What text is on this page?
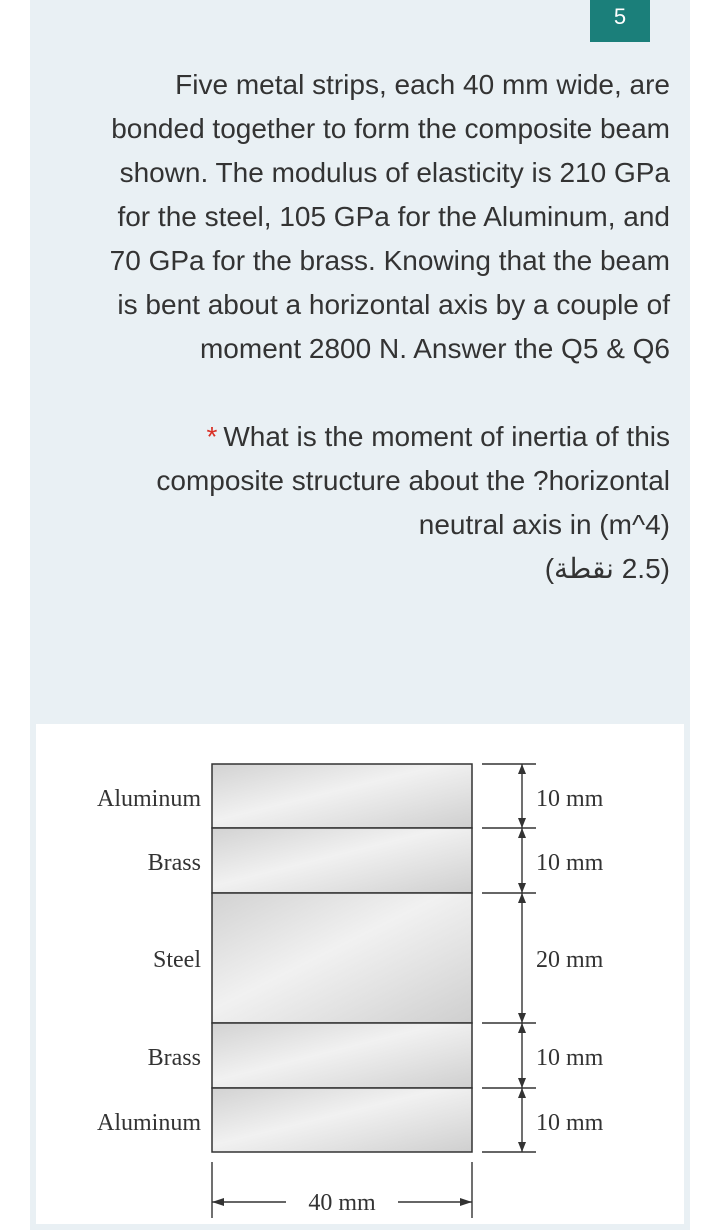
5

Five metal strips, each 40 mm wide, are bonded together to form the composite beam shown. The modulus of elasticity is 210 GPa for the steel, 105 GPa for the Aluminum, and 70 GPa for the brass. Knowing that the beam is bent about a horizontal axis by a couple of moment 2800 N. Answer the Q5 & Q6

* What is the moment of inertia of this composite structure about the ?horizontal neutral axis in (m^4)

(2.5 نقطة)
Aluminum
Brass
Steel
Brass
Aluminum
10 mm
10 mm
20 mm
10 mm
10 mm
40 mm
